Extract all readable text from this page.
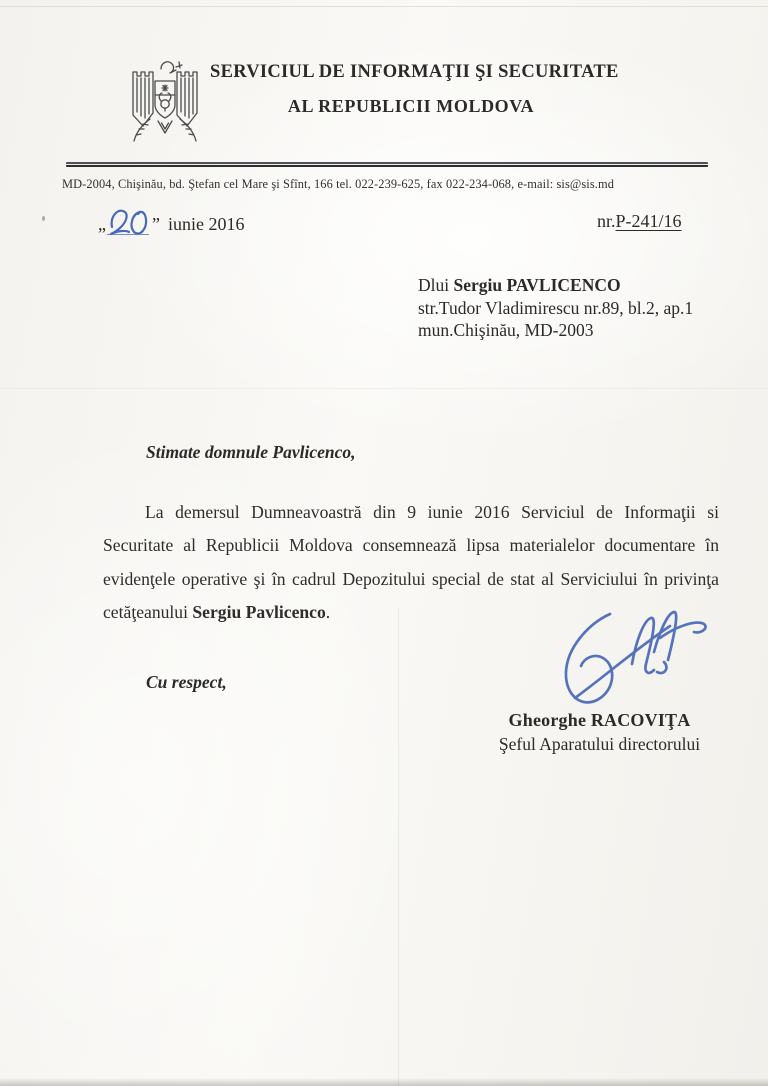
SERVICIUL DE INFORMAŢII ŞI SECURITATE
AL REPUBLICII MOLDOVA
MD-2004, Chişinău, bd. Ştefan cel Mare şi Sfînt, 166 tel. 022-239-625, fax 022-234-068, e-mail: sis@sis.md
„	” iunie 2016	nr.P-241/16
Dlui Sergiu PAVLICENCO
str.Tudor Vladimirescu nr.89, bl.2, ap.1
mun.Chişinău, MD-2003
Stimate domnule Pavlicenco,
La demersul Dumneavoastră din 9 iunie 2016 Serviciul de Informaţii si Securitate al Republicii Moldova consemnează lipsa materialelor documentare în evidenţele operative şi în cadrul Depozitului special de stat al Serviciului în privinţa cetăţeanului Sergiu Pavlicenco.
Cu respect,
Gheorghe RACOVIŢA
Şeful Aparatului directorului
